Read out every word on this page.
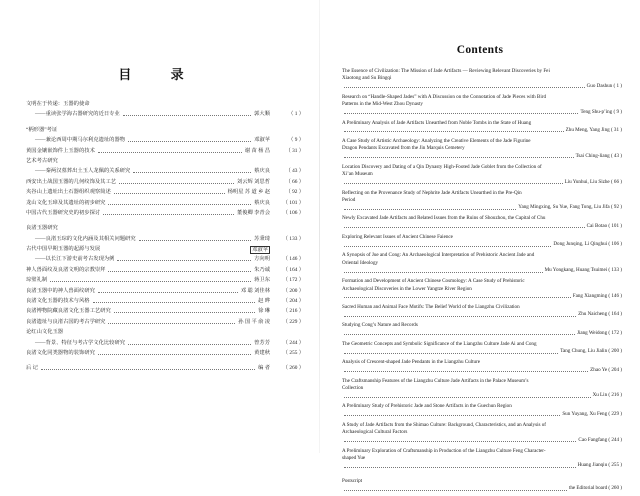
目 录
Contents
文明在于传递：玉器的使命
——重读张学海古器研究的近日专业	郭大顺	（ 1 ）
“柄形器”考证
——兼论西周中期马尔利克遗址的器物	邓淑苹	（ 9 ）
黄国金镶嵌饰件上玉器的技术	谢 苗 杨 昌	（ 31 ）
艺术考古研究
——秦两汉墓葬出土玉人龙佩的关系研究	蔡庆良	（ 43 ）
西安出土战国玉器的几何纹饰及其工艺	刘云辉 刘思哲	（ 66 ）
夹谷山上遗址出土石器组织观察简述	杨明星 苏 道 乡 赵	（ 92 ）
龙山文化玉璋及其遗址的初步研究	蔡庆良 （ 101 ）
中国古代玉器研究史的初步探讨	董俊卿 李青会 （ 106 ）
良渚玉器研究
——良渚玉琮的文化内涵及其相关问题研究	苏秉琦 （ 133 ）
古代中国早期玉器的起源与发展	邓淑苹
——以长江下游史前考古发现为例	方向明 （ 146 ）
神人兽面纹及良渚文明的宗教崇拜	朱乃诚 （ 164 ）
琮璧礼制	蒋卫东 （ 172 ）
良渚玉器中的神人兽面纹研究	邓 聪 刘佳林 （ 200 ）
良渚文化玉器的技术与风格	赵 晔 （ 204 ）
良渚博物院藏良渚文化玉器工艺研究	徐 琳 （ 216 ）
良渚遗址与良渚古国的考古学研究	孙 国 平 俞 凌 （ 229 ）
论红山文化玉器
——背景、特征与考古学文化比较研究	曾芳芳 （ 244 ）
良渚文化同类器物的装饰研究	黄建秋 （ 255 ）
后 记	编 者 （ 260 ）
The Essence of Civilization: The Mission of Jade Artifacts — Reviewing Relevant Discoveries by Fei
Xiaotong and Su Bingqi
Guo Dashun ( 1 )
Research on “Handle-Shaped Jades” with A Discussion on the Connotation of Jade Pieces with Bird
Patterns in the Mid-West Zhou Dynasty
Teng Shu-p’ing ( 9 )
A Preliminary Analysis of Jade Artifacts Unearthed from Noble Tombs in the State of Huang
Zhu Meng, Yang Jing ( 31 )
A Case Study of Artistic Archaeology: Analyzing the Creative Elements of the Jade Figurine
Dragon Pendants Excavated from the Jin Marquis Cemetery
Tsai Ching-liang ( 43 )
Location Discovery and Dating of a Qin Dynasty High-Footed Jade Goblet from the Collection of
Xi’an Museum
Liu Yunhui, Liu Sizhe ( 66 )
Reflecting on the Provenance Study of Nephrite Jade Artifacts Unearthed in the Pre-Qin
Period
Yang Mingxing, Su Yue, Fang Tong, Liu Jifa ( 92 )
Newly Excavated Jade Artifacts and Related Issues from the Ruins of Shouzhou, the Capital of Chu
Cai Botao ( 101 )
Exploring Relevant Issues of Ancient Chinese Faience
Dong Junqing, Li Qinghui ( 106 )
A Synopsis of Jue and Cong: An Archaeological Interpretation of Prehistoric Ancient Jade and
Oriental Ideology
Mu Yongkang, Huang Tsuimei ( 133 )
Formation and Development of Ancient Chinese Cosmology: A Case Study of Prehistoric
Archaeological Discoveries in the Lower Yangtze River Region
Fang Xiangming ( 146 )
Sacred Human and Animal Face Motifs: The Belief World of the Liangzhu Civilization
Zhu Naicheng ( 164 )
Studying Cong’s Nature and Records
Jiang Weidong ( 172 )
The Geometric Concepts and Symbolic Significance of the Liangzhu Culture Jade Ai and Cong
Tang Chung, Liu Jialin ( 200 )
Analysis of Crescent-shaped Jade Pendants in the Liangzhu Culture
Zhao Ye ( 204 )
The Craftsmanship Features of the Liangzhu Culture Jade Artifacts in the Palace Museum’s
Collection
Xu Lin ( 216 )
A Preliminary Study of Prehistoric Jade and Stone Artifacts in the Guechun Region
Sun Yuyang, Xu Feng ( 229 )
A Study of Jade Artifacts from the Shimao Culture: Background, Characteristics, and an Analysis of
Archaeological Cultural Factors
Cao Fangfang ( 244 )
A Preliminary Exploration of Craftsmanship in Production of the Liangzhu Culture Feng Character-
shaped Yue
Huang Jianqiu ( 255 )
Postscript
the Editorial board ( 260 )
